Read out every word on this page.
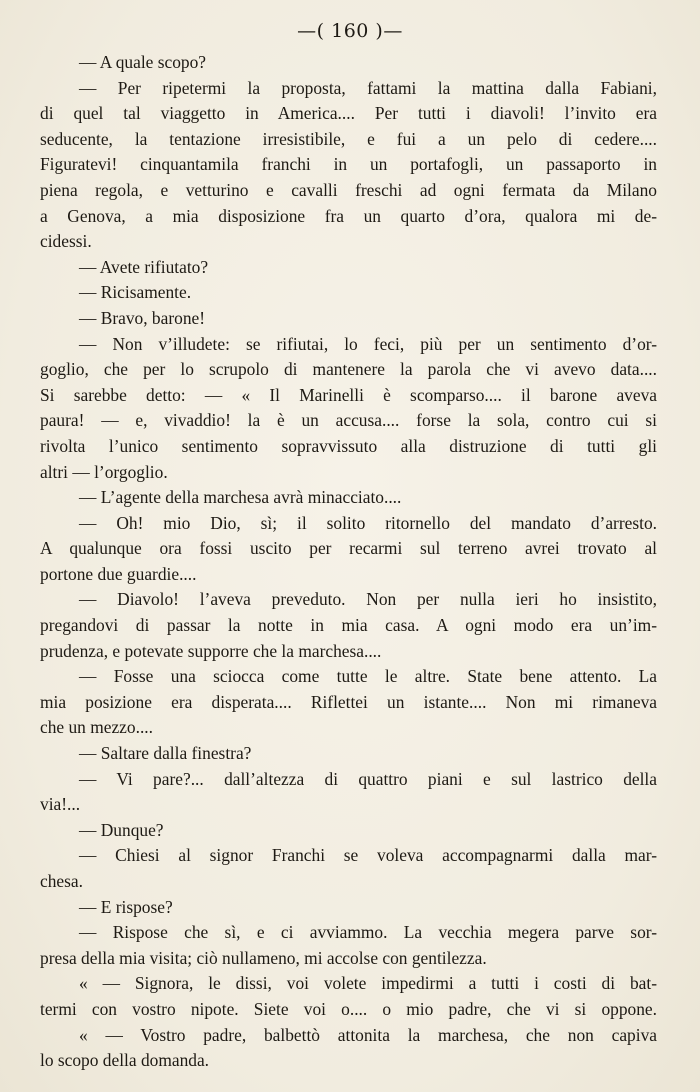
—( 160 )—
— A quale scopo?
— Per ripetermi la proposta, fattami la mattina dalla Fabiani,
di quel tal viaggetto in America.... Per tutti i diavoli! l’invito era
seducente, la tentazione irresistibile, e fui a un pelo di cedere....
Figuratevi! cinquantamila franchi in un portafogli, un passaporto in
piena regola, e vetturino e cavalli freschi ad ogni fermata da Milano
a Genova, a mia disposizione fra un quarto d’ora, qualora mi de-
cidessi.
— Avete rifiutato?
— Ricisamente.
— Bravo, barone!
— Non v’illudete: se rifiutai, lo feci, più per un sentimento d’or-
goglio, che per lo scrupolo di mantenere la parola che vi avevo data....
Si sarebbe detto: — « Il Marinelli è scomparso.... il barone aveva
paura! — e, vivaddio! la è un accusa.... forse la sola, contro cui si
rivolta l’unico sentimento sopravvissuto alla distruzione di tutti gli
altri — l’orgoglio.
— L’agente della marchesa avrà minacciato....
— Oh! mio Dio, sì; il solito ritornello del mandato d’arresto.
A qualunque ora fossi uscito per recarmi sul terreno avrei trovato al
portone due guardie....
— Diavolo! l’aveva preveduto. Non per nulla ieri ho insistito,
pregandovi di passar la notte in mia casa. A ogni modo era un’im-
prudenza, e potevate supporre che la marchesa....
— Fosse una sciocca come tutte le altre. State bene attento. La
mia posizione era disperata.... Riflettei un istante.... Non mi rimaneva
che un mezzo....
— Saltare dalla finestra?
— Vi pare?... dall’altezza di quattro piani e sul lastrico della
via!...
— Dunque?
— Chiesi al signor Franchi se voleva accompagnarmi dalla mar-
chesa.
— E rispose?
— Rispose che sì, e ci avviammo. La vecchia megera parve sor-
presa della mia visita; ciò nullameno, mi accolse con gentilezza.
« — Signora, le dissi, voi volete impedirmi a tutti i costi di bat-
termi con vostro nipote. Siete voi o.... o mio padre, che vi si oppone.
« — Vostro padre, balbettò attonita la marchesa, che non capiva
lo scopo della domanda.
